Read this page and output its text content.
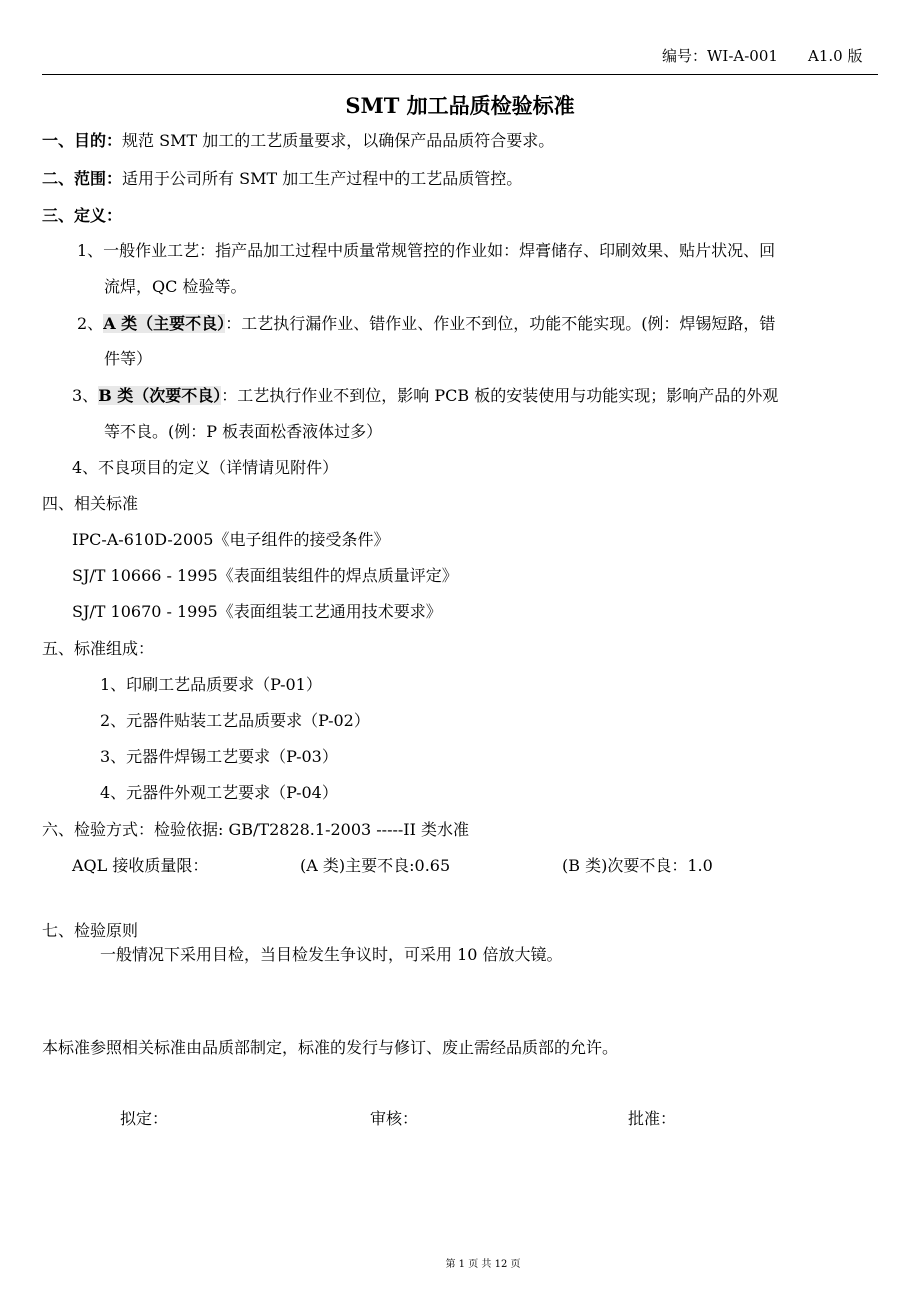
编号：WI-A-001 A1.0 版
SMT 加工品质检验标准
一、目的：规范 SMT 加工的工艺质量要求，以确保产品品质符合要求。
二、范围：适用于公司所有 SMT 加工生产过程中的工艺品质管控。
三、定义：
1、一般作业工艺：指产品加工过程中质量常规管控的作业如：焊膏储存、印刷效果、贴片状况、回
流焊，QC 检验等。
2、A 类（主要不良）：工艺执行漏作业、错作业、作业不到位，功能不能实现。(例：焊锡短路，错
件等）
3、B 类（次要不良）：工艺执行作业不到位，影响 PCB 板的安装使用与功能实现；影响产品的外观
等不良。(例：P 板表面松香液体过多）
4、不良项目的定义（详情请见附件）
四、相关标准
IPC-A-610D-2005《电子组件的接受条件》
SJ/T 10666 - 1995《表面组装组件的焊点质量评定》
SJ/T 10670 - 1995《表面组装工艺通用技术要求》
五、标准组成：
1、印刷工艺品质要求（P-01）
2、元器件贴装工艺品质要求（P-02）
3、元器件焊锡工艺要求（P-03）
4、元器件外观工艺要求（P-04）
六、检验方式：检验依据: GB/T2828.1-2003 -----II 类水准
AQL 接收质量限：	(A 类)主要不良:0.65	(B 类)次要不良：1.0
七、检验原则
一般情况下采用目检，当目检发生争议时，可采用 10 倍放大镜。
本标准参照相关标准由品质部制定，标准的发行与修订、废止需经品质部的允许。
拟定：	审核：	批准：
第 1 页 共 12 页
